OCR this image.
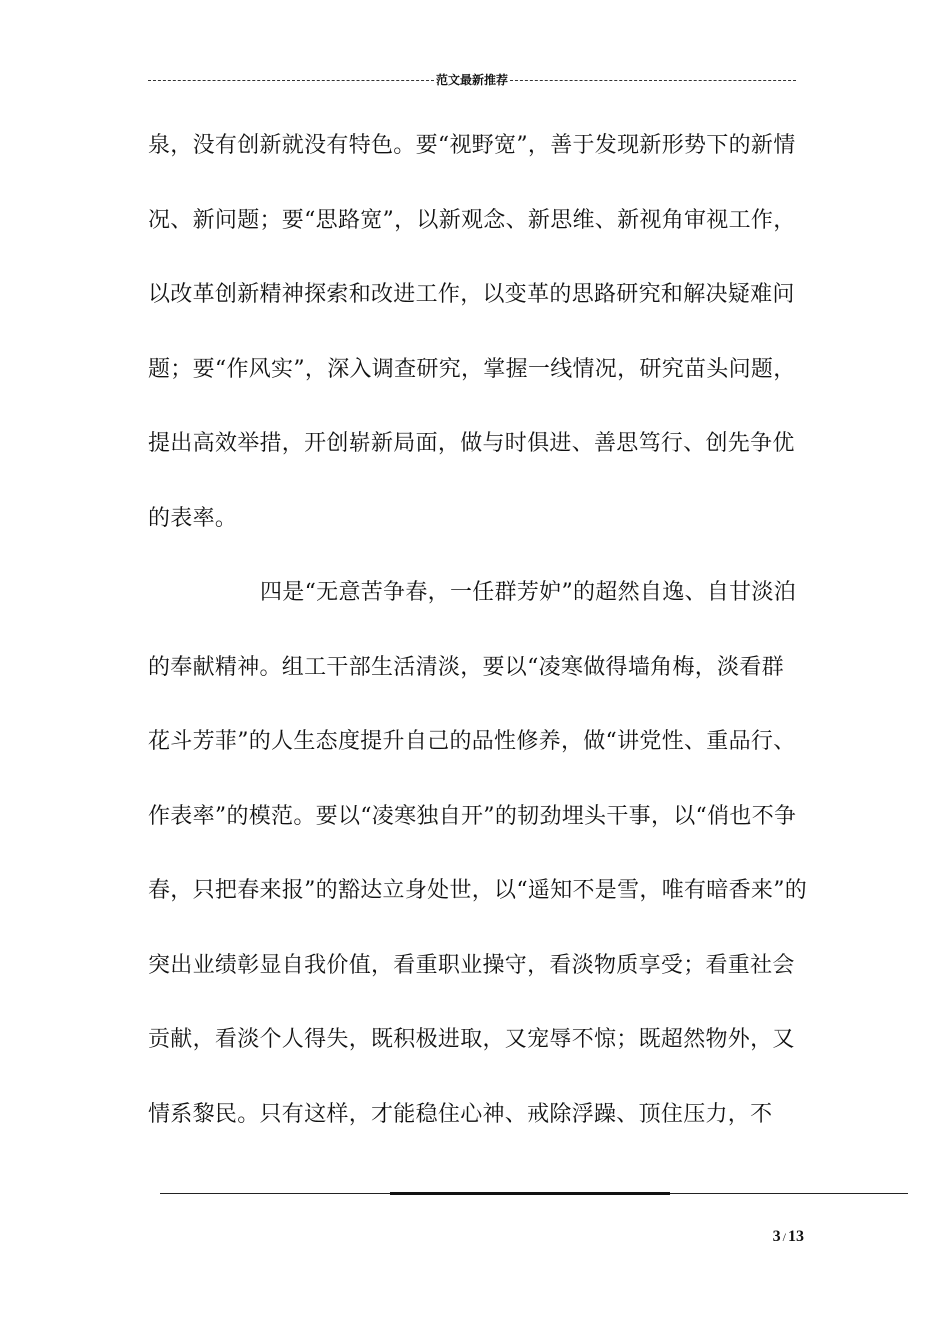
范文最新推荐
泉，没有创新就没有特色。要“视野宽”，善于发现新形势下的新情
况、新问题；要“思路宽”，以新观念、新思维、新视角审视工作，
以改革创新精神探索和改进工作，以变革的思路研究和解决疑难问
题；要“作风实”，深入调查研究，掌握一线情况，研究苗头问题，
提出高效举措，开创崭新局面，做与时俱进、善思笃行、创先争优
的表率。
四是“无意苦争春，一任群芳妒”的超然自逸、自甘淡泊
的奉献精神。组工干部生活清淡，要以“凌寒做得墙角梅，淡看群
花斗芳菲”的人生态度提升自己的品性修养，做“讲党性、重品行、
作表率”的模范。要以“凌寒独自开”的韧劲埋头干事，以“俏也不争
春，只把春来报”的豁达立身处世，以“遥知不是雪，唯有暗香来”的
突出业绩彰显自我价值，看重职业操守，看淡物质享受；看重社会
贡献，看淡个人得失，既积极进取，又宠辱不惊；既超然物外，又
情系黎民。只有这样，才能稳住心神、戒除浮躁、顶住压力，不
3 / 13
